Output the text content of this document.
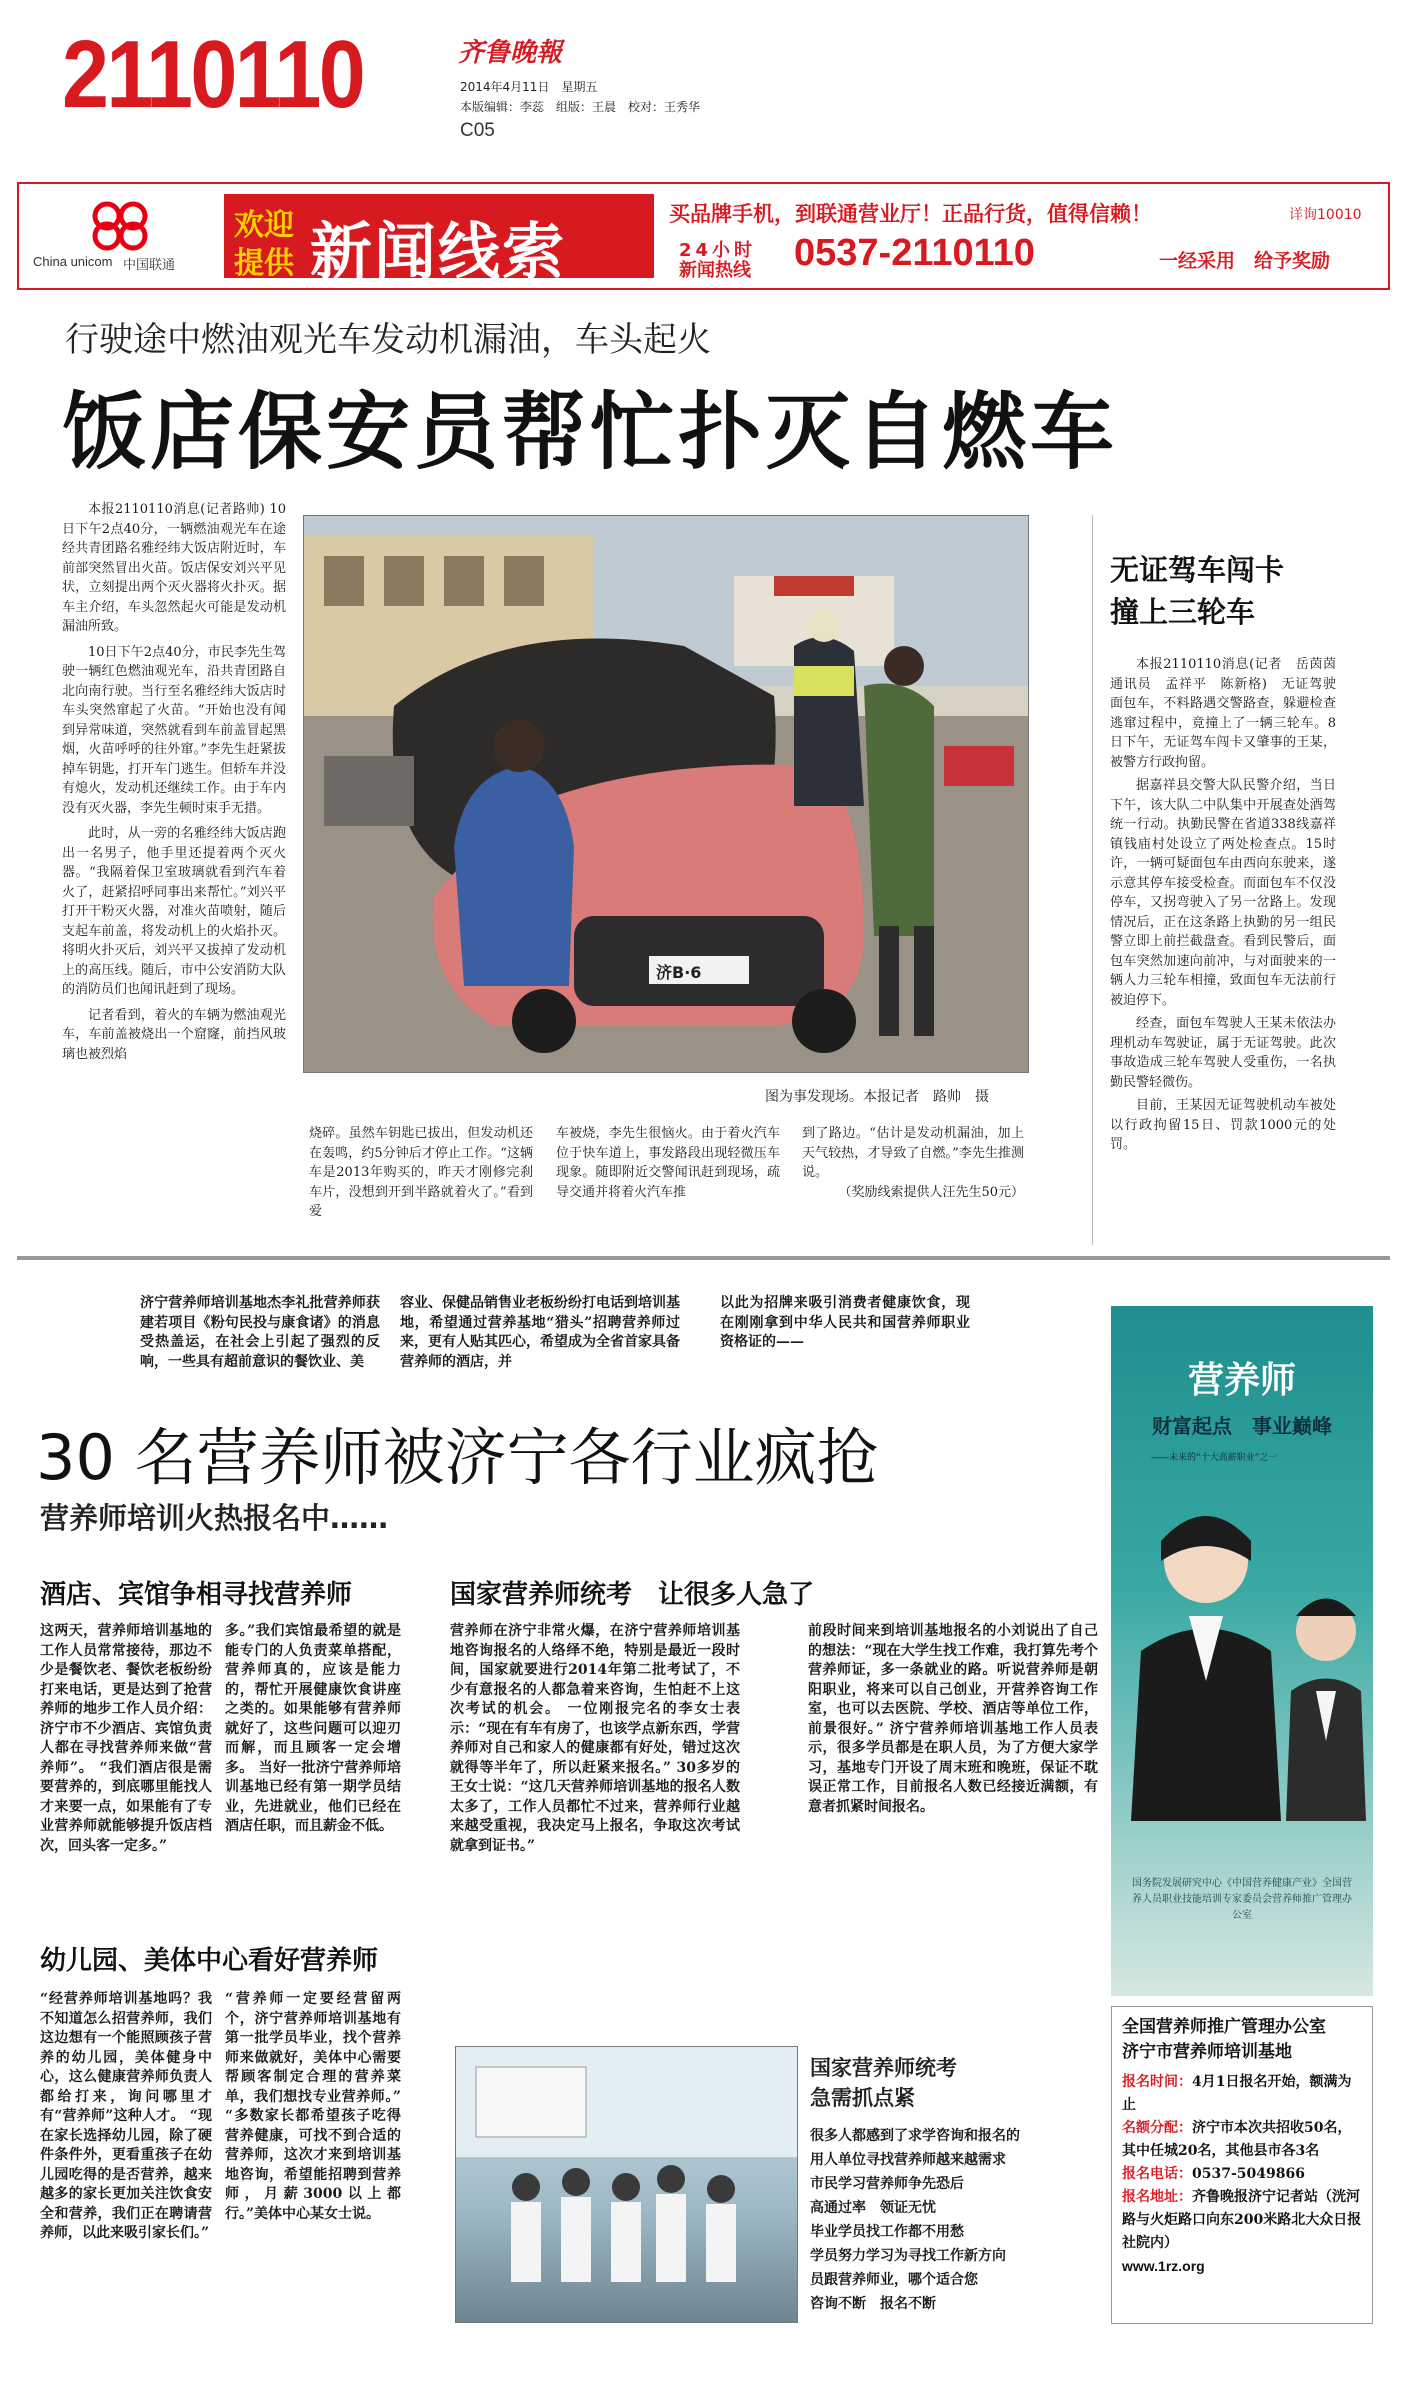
2110110	齐鲁晚報
2014年4月11日　星期五
本版编辑：李蕊　组版：王晨　校对：王秀华
C05
China unicom 中国联通
欢迎
提供 新闻线索
买品牌手机，到联通营业厅！正品行货，值得信赖！	详询10010
24小时
新闻热线 0537-2110110	一经采用　给予奖励
行驶途中燃油观光车发动机漏油，车头起火
饭店保安员帮忙扑灭自燃车

本报2110110消息(记者路帅) 10日下午2点40分，一辆燃油观光车在途经共青团路名雅经纬大饭店附近时，车前部突然冒出火苗。饭店保安刘兴平见状，立刻提出两个灭火器将火扑灭。据车主介绍，车头忽然起火可能是发动机漏油所致。

10日下午2点40分，市民李先生驾驶一辆红色燃油观光车，沿共青团路自北向南行驶。当行至名雅经纬大饭店时车头突然窜起了火苗。“开始也没有闻到异常味道，突然就看到车前盖冒起黑烟，火苗呼呼的往外窜。”李先生赶紧拔掉车钥匙，打开车门逃生。但轿车并没有熄火，发动机还继续工作。由于车内没有灭火器，李先生顿时束手无措。

此时，从一旁的名雅经纬大饭店跑出一名男子，他手里还提着两个灭火器。“我隔着保卫室玻璃就看到汽车着火了，赶紧招呼同事出来帮忙。”刘兴平打开干粉灭火器，对准火苗喷射，随后支起车前盖，将发动机上的火焰扑灭。将明火扑灭后，刘兴平又拔掉了发动机上的高压线。随后，市中公安消防大队的消防员们也闻讯赶到了现场。

记者看到，着火的车辆为燃油观光车，车前盖被烧出一个窟窿，前挡风玻璃也被烈焰

济B·6
图为事发现场。本报记者　路帅　摄
烧碎。虽然车钥匙已拔出，但发动机还在轰鸣，约5分钟后才停止工作。“这辆车是2013年购买的，昨天才刚修完刹车片，没想到开到半路就着火了。”看到爱
车被烧，李先生很恼火。由于着火汽车位于快车道上，事发路段出现轻微压车现象。随即附近交警闻讯赶到现场，疏导交通并将着火汽车推
到了路边。“估计是发动机漏油，加上天气较热，才导致了自燃。”李先生推测说。

（奖励线索提供人汪先生50元）
无证驾车闯卡
撞上三轮车

本报2110110消息(记者　岳茵茵　通讯员　孟祥平　陈新格)　无证驾驶面包车，不料路遇交警路查，躲避检查逃窜过程中，竟撞上了一辆三轮车。8日下午，无证驾车闯卡又肇事的王某，被警方行政拘留。

据嘉祥县交警大队民警介绍，当日下午，该大队二中队集中开展查处酒驾统一行动。执勤民警在省道338线嘉祥镇钱庙村处设立了两处检查点。15时许，一辆可疑面包车由西向东驶来，遂示意其停车接受检查。而面包车不仅没停车，又拐弯驶入了另一岔路上。发现情况后，正在这条路上执勤的另一组民警立即上前拦截盘查。看到民警后，面包车突然加速向前冲，与对面驶来的一辆人力三轮车相撞，致面包车无法前行被迫停下。

经查，面包车驾驶人王某未依法办理机动车驾驶证，属于无证驾驶。此次事故造成三轮车驾驶人受重伤，一名执勤民警轻微伤。

目前，王某因无证驾驶机动车被处以行政拘留15日、罚款1000元的处罚。

济宁营养师培训基地杰李礼批营养师获建若项目《粉句民投与康食诸》的消息受热盖运，在社会上引起了强烈的反响，一些具有超前意识的餐饮业、美
容业、保健品销售业老板纷纷打电话到培训基地，希望通过营养基地“猎头”招聘营养师过来，更有人贴其匹心，希望成为全省首家具备营养师的酒店，并
以此为招牌来吸引消费者健康饮食，现在刚刚拿到中华人民共和国营养师职业资格证的——
30 名营养师被济宁各行业疯抢
营养师培训火热报名中……
酒店、宾馆争相寻找营养师
这两天，营养师培训基地的工作人员常常接待，那边不少是餐饮老、餐饮老板纷纷打来电话，更是达到了抢营养师的地步工作人员介绍：济宁市不少酒店、宾馆负责人都在寻找营养师来做“营养师”。 “我们酒店很是需要营养的，到底哪里能找人才来要一点，如果能有了专业营养师就能够提升饭店档次，回头客一定多。”
多。”我们宾馆最希望的就是能专门的人负责菜单搭配，营养师真的，应该是能力的，帮忙开展健康饮食讲座之类的。如果能够有营养师就好了，这些问题可以迎刃而解，而且顾客一定会增多。 当好一批济宁营养师培训基地已经有第一期学员结业，先进就业，他们已经在酒店任职，而且薪金不低。
幼儿园、美体中心看好营养师
“经营养师培训基地吗？我不知道怎么招营养师，我们这边想有一个能照顾孩子营养的幼儿园，美体健身中心，这么健康营养师负责人都给打来，询问哪里才有“营养师”这种人才。 “现在家长选择幼儿园，除了硬件条件外，更看重孩子在幼儿园吃得的是否营养，越来越多的家长更加关注饮食安全和营养，我们正在聘请营养师，以此来吸引家长们。”
“营养师一定要经营留两个，济宁营养师培训基地有第一批学员毕业，找个营养师来做就好，美体中心需要帮顾客制定合理的营养菜单，我们想找专业营养师。” “多数家长都希望孩子吃得营养健康，可找不到合适的营养师，这次才来到培训基地咨询，希望能招聘到营养师，月薪3000以上都行。”美体中心某女士说。
国家营养师统考　让很多人急了
营养师在济宁非常火爆，在济宁营养师培训基地咨询报名的人络绎不绝，特别是最近一段时间，国家就要进行2014年第二批考试了，不少有意报名的人都急着来咨询，生怕赶不上这次考试的机会。 一位刚报完名的李女士表示：“现在有车有房了，也该学点新东西，学营养师对自己和家人的健康都有好处，错过这次就得等半年了，所以赶紧来报名。” 30多岁的王女士说：“这几天营养师培训基地的报名人数太多了，工作人员都忙不过来，营养师行业越来越受重视，我决定马上报名，争取这次考试就拿到证书。”
前段时间来到培训基地报名的小刘说出了自己的想法：“现在大学生找工作难，我打算先考个营养师证，多一条就业的路。听说营养师是朝阳职业，将来可以自己创业，开营养咨询工作室，也可以去医院、学校、酒店等单位工作，前景很好。” 济宁营养师培训基地工作人员表示，很多学员都是在职人员，为了方便大家学习，基地专门开设了周末班和晚班，保证不耽误正常工作，目前报名人数已经接近满额，有意者抓紧时间报名。
国家营养师统考
急需抓点紧
很多人都感到了求学咨询和报名的
用人单位寻找营养师越来越需求
市民学习营养师争先恐后
高通过率　领证无忧
毕业学员找工作都不用愁
学员努力学习为寻找工作新方向
员跟营养师业，哪个适合您
咨询不断　报名不断
营养师
财富起点　事业巅峰
——未来的“十大高薪职业”之一
国务院发展研究中心《中国营养健康产业》全国营养人员职业技能培训专家委员会营养师推广管理办公室
全国营养师推广管理办公室
济宁市营养师培训基地
报名时间：4月1日报名开始，额满为止
名额分配：济宁市本次共招收50名，其中任城20名，其他县市各3名
报名电话：0537-5049866
报名地址：齐鲁晚报济宁记者站（洸河路与火炬路口向东200米路北大众日报社院内）
www.1rz.org
